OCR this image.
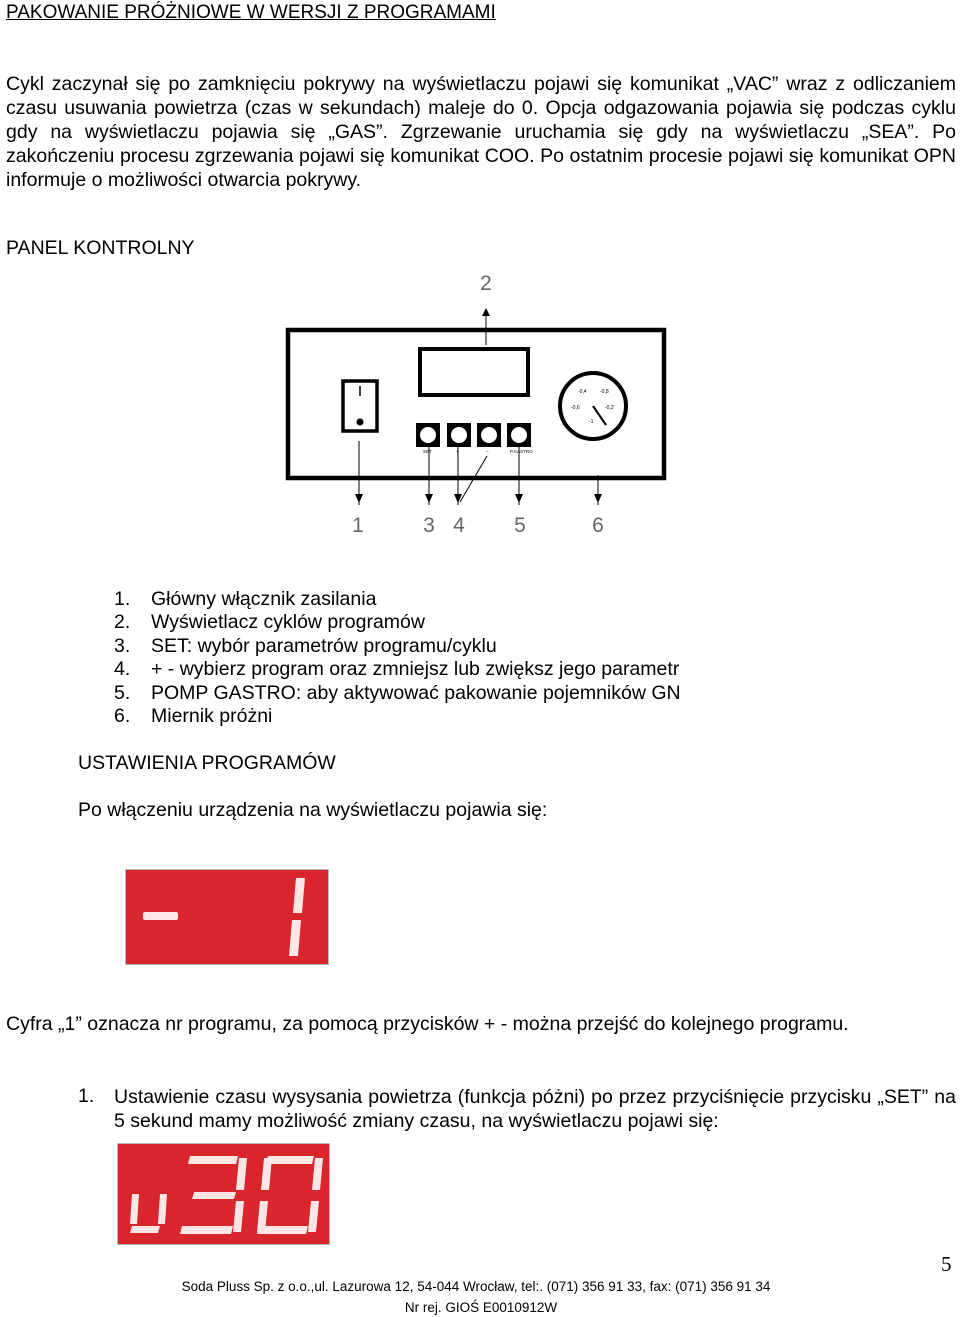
PAKOWANIE PRÓŻNIOWE W WERSJI Z PROGRAMAMI
Cykl zaczynał się po zamknięciu pokrywy na wyświetlaczu pojawi się komunikat „VAC” wraz z odliczaniem czasu usuwania powietrza (czas w sekundach) maleje do 0. Opcja odgazowania pojawia się podczas cyklu gdy na wyświetlaczu pojawia się „GAS”. Zgrzewanie uruchamia się gdy na wyświetlaczu „SEA”. Po zakończeniu procesu zgrzewania pojawi się komunikat COO. Po ostatnim procesie pojawi się komunikat OPN informuje o możliwości otwarcia pokrywy.
PANEL KONTROLNY
SET	+	−	P.GASTRO
-0,4	-0,8
-0,6	-0,2
-1
2
1	3 4 5	6
1. Główny włącznik zasilania
2. Wyświetlacz cyklów programów
3. SET: wybór parametrów programu/cyklu
4. + - wybierz program oraz zmniejsz lub zwiększ jego parametr
5. POMP GASTRO: aby aktywować pakowanie pojemników GN
6. Miernik próżni
USTAWIENIA PROGRAMÓW
Po włączeniu urządzenia na wyświetlaczu pojawia się:
Cyfra „1” oznacza nr programu, za pomocą przycisków + - można przejść do kolejnego programu.
1. Ustawienie czasu wysysania powietrza (funkcja póżni) po przez przyciśnięcie przycisku „SET” na 5 sekund mamy możliwość zmiany czasu, na wyświetlaczu pojawi się:
5
Soda Pluss Sp. z o.o.,ul. Lazurowa 12, 54-044 Wrocław, tel:. (071) 356 91 33, fax: (071) 356 91 34
Nr rej. GIOŚ E0010912W
